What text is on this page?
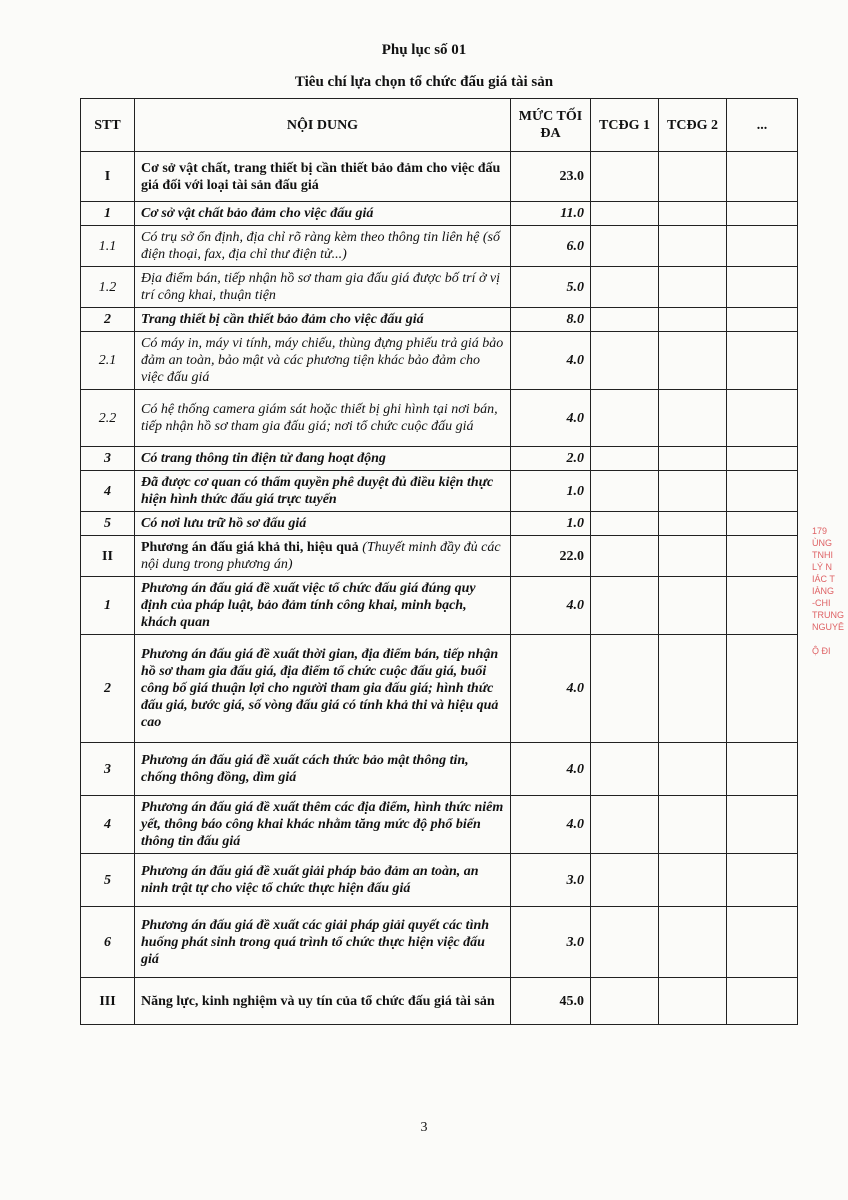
Phụ lục số 01
Tiêu chí lựa chọn tổ chức đấu giá tài sản
STT	NỘI DUNG	MỨC TỐI ĐA	TCĐG 1	TCĐG 2	...
I	Cơ sở vật chất, trang thiết bị cần thiết bảo đảm cho việc đấu giá đối với loại tài sản đấu giá	23.0			
1	Cơ sở vật chất bảo đảm cho việc đấu giá	11.0			
1.1	Có trụ sở ổn định, địa chỉ rõ ràng kèm theo thông tin liên hệ (số điện thoại, fax, địa chỉ thư điện tử...)	6.0			
1.2	Địa điểm bán, tiếp nhận hồ sơ tham gia đấu giá được bố trí ở vị trí công khai, thuận tiện	5.0			
2	Trang thiết bị cần thiết bảo đảm cho việc đấu giá	8.0			
2.1	Có máy in, máy vi tính, máy chiếu, thùng đựng phiếu trả giá bảo đảm an toàn, bảo mật và các phương tiện khác bảo đảm cho việc đấu giá	4.0			
2.2	Có hệ thống camera giám sát hoặc thiết bị ghi hình tại nơi bán, tiếp nhận hồ sơ tham gia đấu giá; nơi tổ chức cuộc đấu giá	4.0			
3	Có trang thông tin điện tử đang hoạt động	2.0			
4	Đã được cơ quan có thẩm quyền phê duyệt đủ điều kiện thực hiện hình thức đấu giá trực tuyến	1.0			
5	Có nơi lưu trữ hồ sơ đấu giá	1.0			
II	Phương án đấu giá khả thi, hiệu quả (Thuyết minh đầy đủ các nội dung trong phương án)	22.0			
1	Phương án đấu giá đề xuất việc tổ chức đấu giá đúng quy định của pháp luật, bảo đảm tính công khai, minh bạch, khách quan	4.0			
2	Phương án đấu giá đề xuất thời gian, địa điểm bán, tiếp nhận hồ sơ tham gia đấu giá, địa điểm tổ chức cuộc đấu giá, buổi công bố giá thuận lợi cho người tham gia đấu giá; hình thức đấu giá, bước giá, số vòng đấu giá có tính khả thi và hiệu quả cao	4.0			
3	Phương án đấu giá đề xuất cách thức bảo mật thông tin, chống thông đồng, dìm giá	4.0			
4	Phương án đấu giá đề xuất thêm các địa điểm, hình thức niêm yết, thông báo công khai khác nhằm tăng mức độ phổ biến thông tin đấu giá	4.0			
5	Phương án đấu giá đề xuất giải pháp bảo đảm an toàn, an ninh trật tự cho việc tổ chức thực hiện đấu giá	3.0			
6	Phương án đấu giá đề xuất các giải pháp giải quyết các tình huống phát sinh trong quá trình tổ chức thực hiện việc đấu giá	3.0			
III	Năng lực, kinh nghiệm và uy tín của tổ chức đấu giá tài sản	45.0			
3
179
ÙNG
TNHI
LÝ N
IÁC T
IÀNG
-CHI
TRUNG
NGUYÊ

Ộ ĐI
